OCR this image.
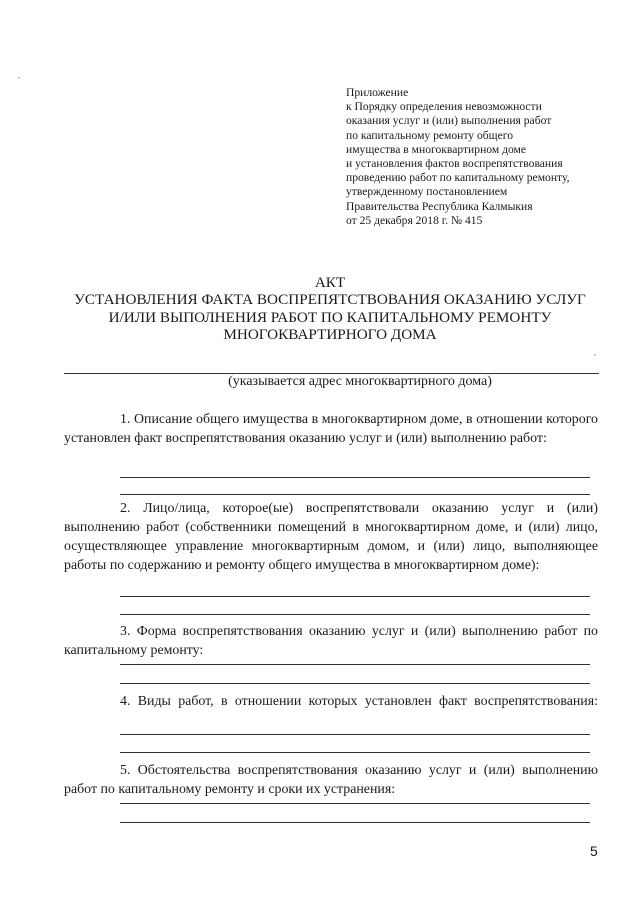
Приложение
к Порядку определения невозможности
оказания услуг и (или) выполнения работ
по капитальному ремонту общего
имущества в многоквартирном доме
и установления фактов воспрепятствования
проведению работ по капитальному ремонту,
утвержденному постановлением
Правительства Республика Калмыкия
от 25 декабря 2018 г. № 415
АКТ
УСТАНОВЛЕНИЯ ФАКТА ВОСПРЕПЯТСТВОВАНИЯ ОКАЗАНИЮ УСЛУГ
И/ИЛИ ВЫПОЛНЕНИЯ РАБОТ ПО КАПИТАЛЬНОМУ РЕМОНТУ
МНОГОКВАРТИРНОГО ДОМА
(указывается адрес многоквартирного дома)
1. Описание общего имущества в многоквартирном доме, в отношении которого установлен факт воспрепятствования оказанию услуг и (или) выполнению работ:
2. Лицо/лица, которое(ые) воспрепятствовали оказанию услуг и (или) выполнению работ (собственники помещений в многоквартирном доме, и (или) лицо, осуществляющее управление многоквартирным домом, и (или) лицо, выполняющее работы по содержанию и ремонту общего имущества в многоквартирном доме):
3. Форма воспрепятствования оказанию услуг и (или) выполнению работ по капитальному ремонту:
4. Виды работ, в отношении которых установлен факт воспрепятствования:
5. Обстоятельства воспрепятствования оказанию услуг и (или) выполнению работ по капитальному ремонту и сроки их устранения:
5
